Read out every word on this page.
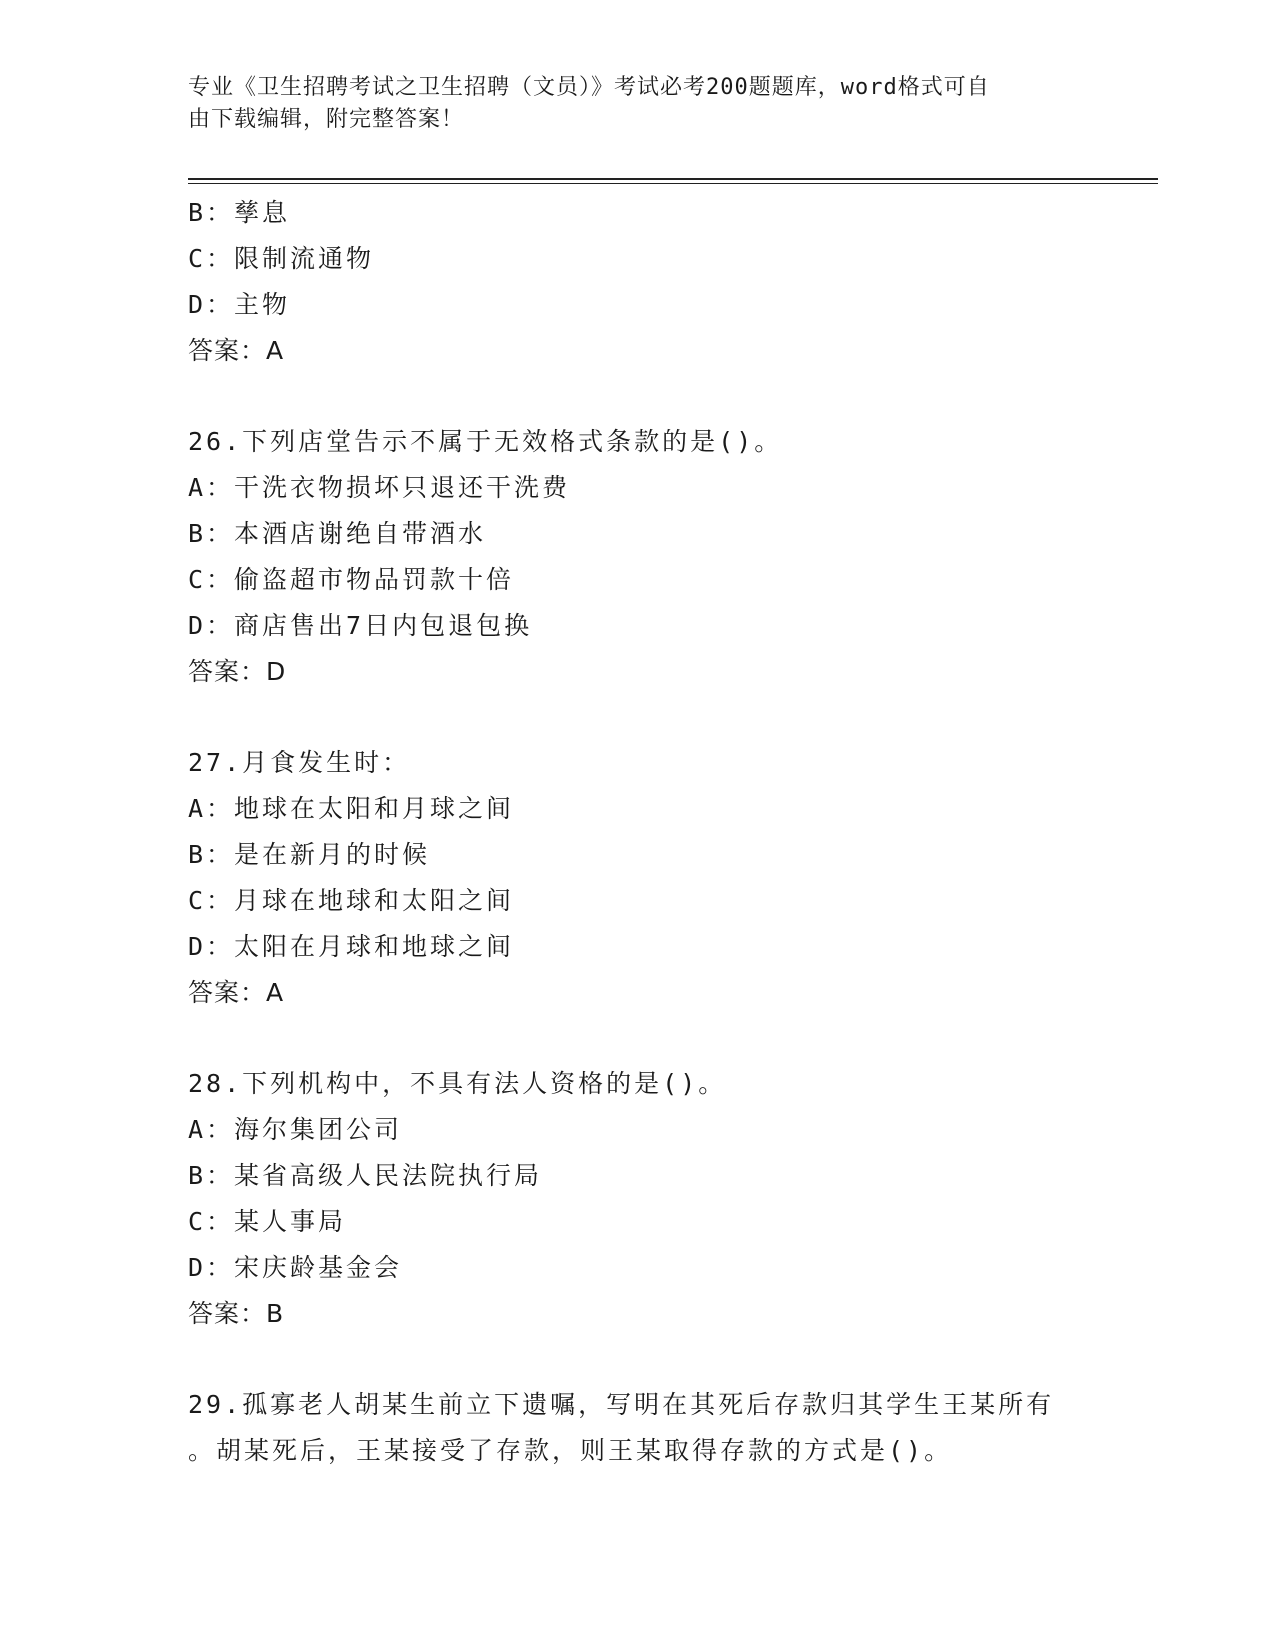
专业《卫生招聘考试之卫生招聘（文员）》考试必考200题题库，word格式可自
由下载编辑，附完整答案！
B：孳息
C：限制流通物
D：主物
答案：A
26.下列店堂告示不属于无效格式条款的是()。
A：干洗衣物损坏只退还干洗费
B：本酒店谢绝自带酒水
C：偷盗超市物品罚款十倍
D：商店售出7日内包退包换
答案：D
27.月食发生时：
A：地球在太阳和月球之间
B：是在新月的时候
C：月球在地球和太阳之间
D：太阳在月球和地球之间
答案：A
28.下列机构中，不具有法人资格的是()。
A：海尔集团公司
B：某省高级人民法院执行局
C：某人事局
D：宋庆龄基金会
答案：B
29.孤寡老人胡某生前立下遗嘱，写明在其死后存款归其学生王某所有
。胡某死后，王某接受了存款，则王某取得存款的方式是()。
